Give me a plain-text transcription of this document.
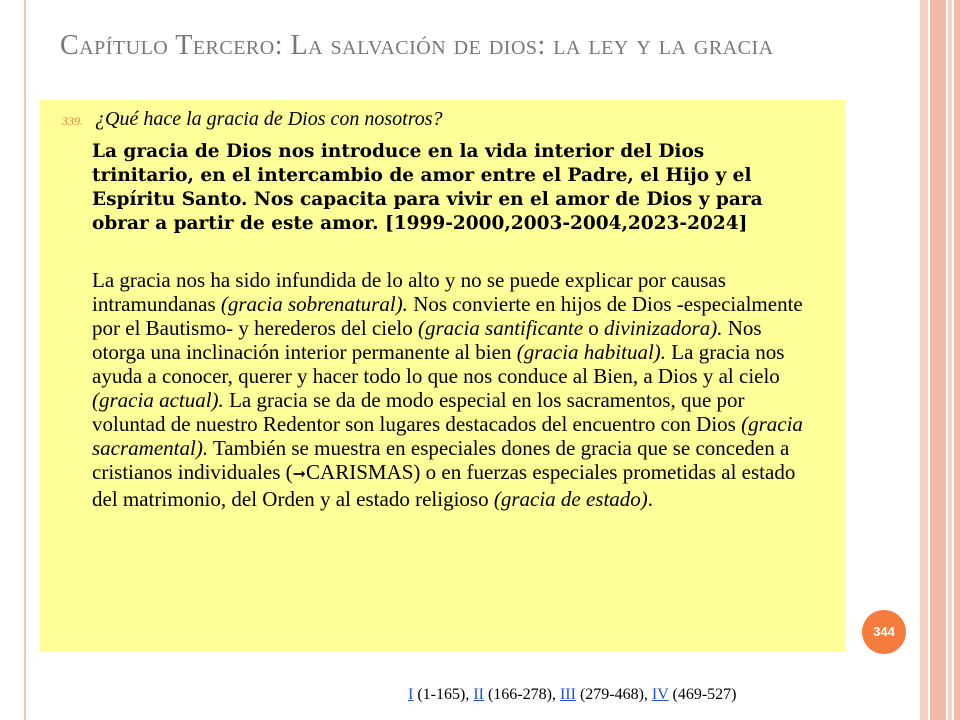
Capítulo Tercero: La salvación de dios: la ley y la gracia
339. ¿Qué hace la gracia de Dios con nosotros?
La gracia de Dios nos introduce en la vida interior del Dios trinitario, en el intercambio de amor entre el Padre, el Hijo y el Espíritu Santo. Nos capacita para vivir en el amor de Dios y para obrar a partir de este amor. [1999-2000,2003-2004,2023-2024]
La gracia nos ha sido infundida de lo alto y no se puede explicar por causas intramundanas (gracia sobrenatural). Nos convierte en hijos de Dios -especialmente por el Bautismo- y herederos del cielo (gracia santificante o divinizadora). Nos otorga una inclinación interior permanente al bien (gracia habitual). La gracia nos ayuda a conocer, querer y hacer todo lo que nos conduce al Bien, a Dios y al cielo (gracia actual). La gracia se da de modo especial en los sacramentos, que por voluntad de nuestro Redentor son lugares destacados del encuentro con Dios (gracia sacramental). También se muestra en especiales dones de gracia que se conceden a cristianos individuales (➞CARISMAS) o en fuerzas especiales prometidas al estado del matrimonio, del Orden y al estado religioso (gracia de estado).
344
I (1-165), II (166-278), III (279-468), IV (469-527)
